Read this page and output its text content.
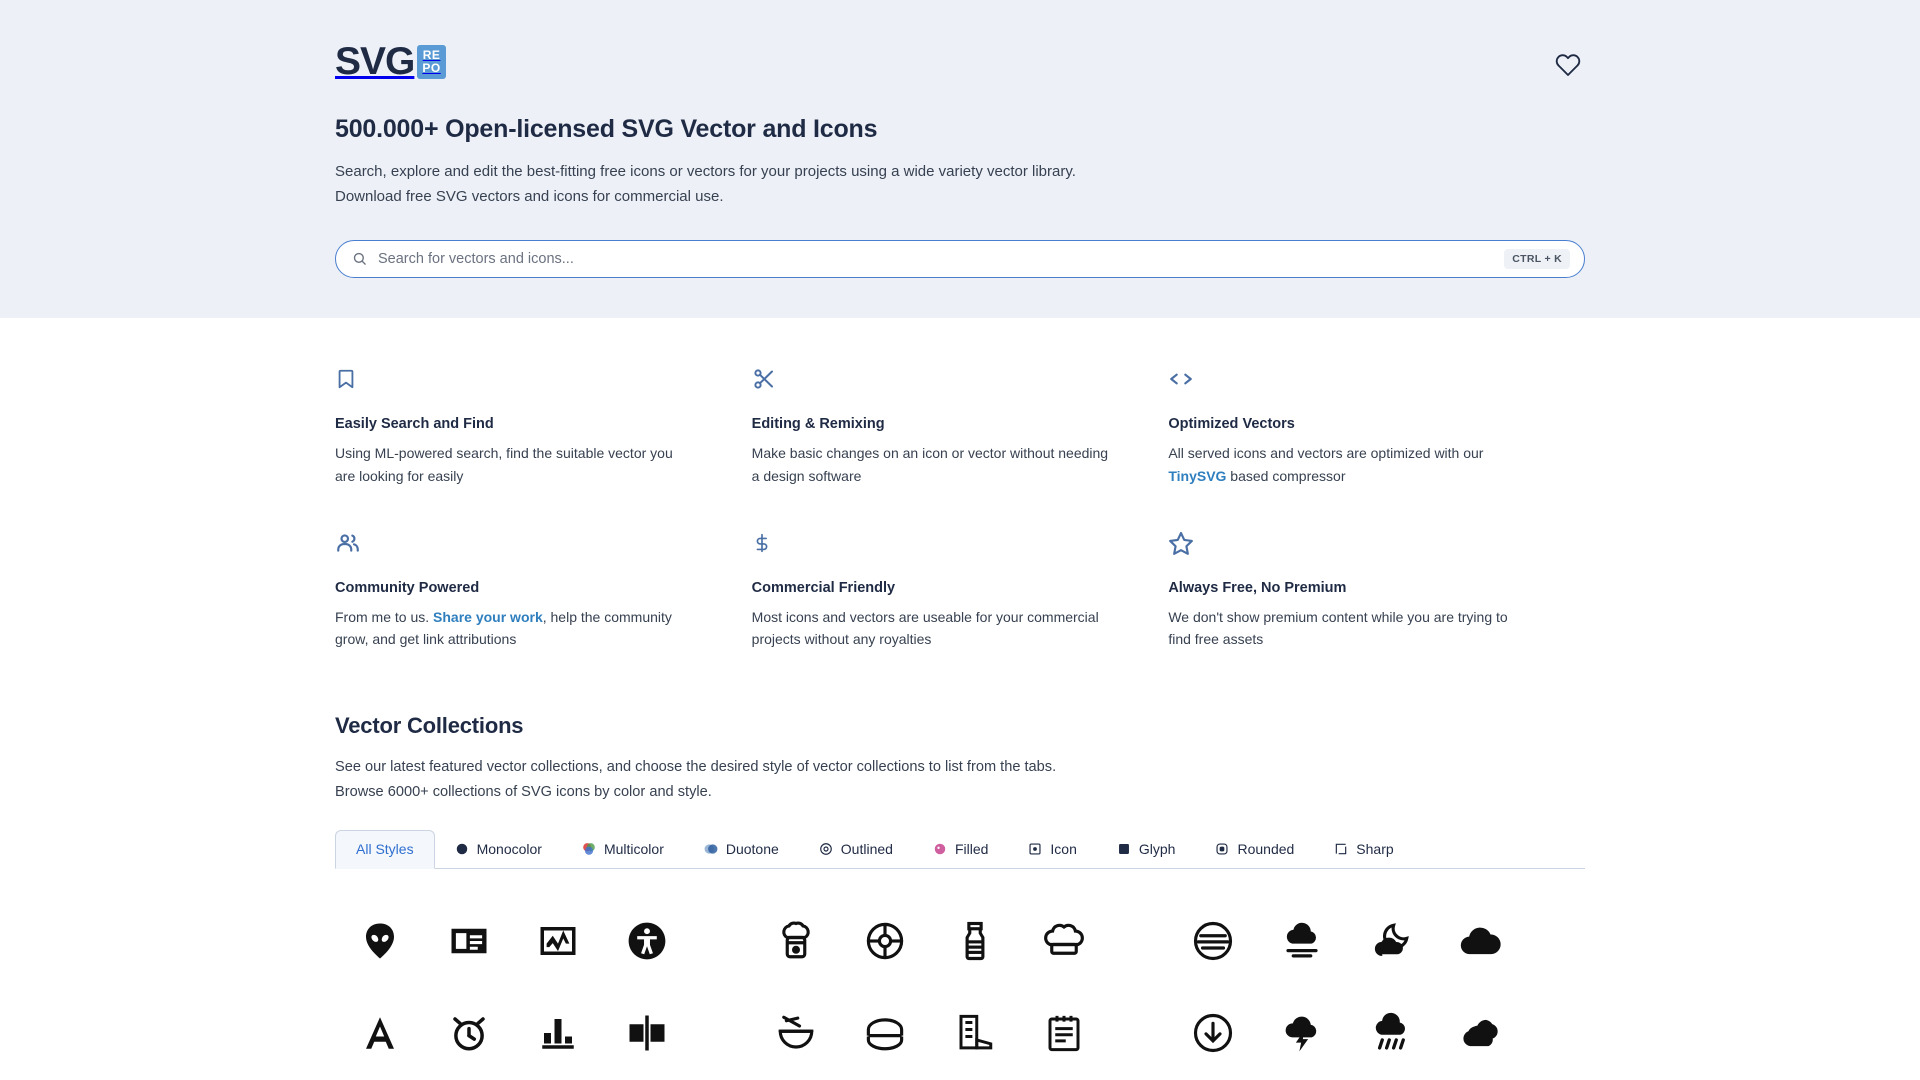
SVG RE
PO
500.000+ Open-licensed SVG Vector and Icons

Search, explore and edit the best-fitting free icons or vectors for your projects using a wide variety vector library.

Download free SVG vectors and icons for commercial use.

Search for vectors and icons...
CTRL + K
Easily Search and Find

Using ML-powered search, find the suitable vector you are looking for easily

Editing & Remixing

Make basic changes on an icon or vector without needing a design software

Optimized Vectors

All served icons and vectors are optimized with our TinySVG based compressor

Community Powered

From me to us. Share your work, help the community grow, and get link attributions

Commercial Friendly

Most icons and vectors are useable for your commercial projects without any royalties

Always Free, No Premium

We don't show premium content while you are trying to find free assets

Vector Collections

See our latest featured vector collections, and choose the desired style of vector collections to list from the tabs.

Browse 6000+ collections of SVG icons by color and style.

All Styles	Monocolor	Multicolor	Duotone	Outlined	Filled	Icon	Glyph	Rounded	Sharp
